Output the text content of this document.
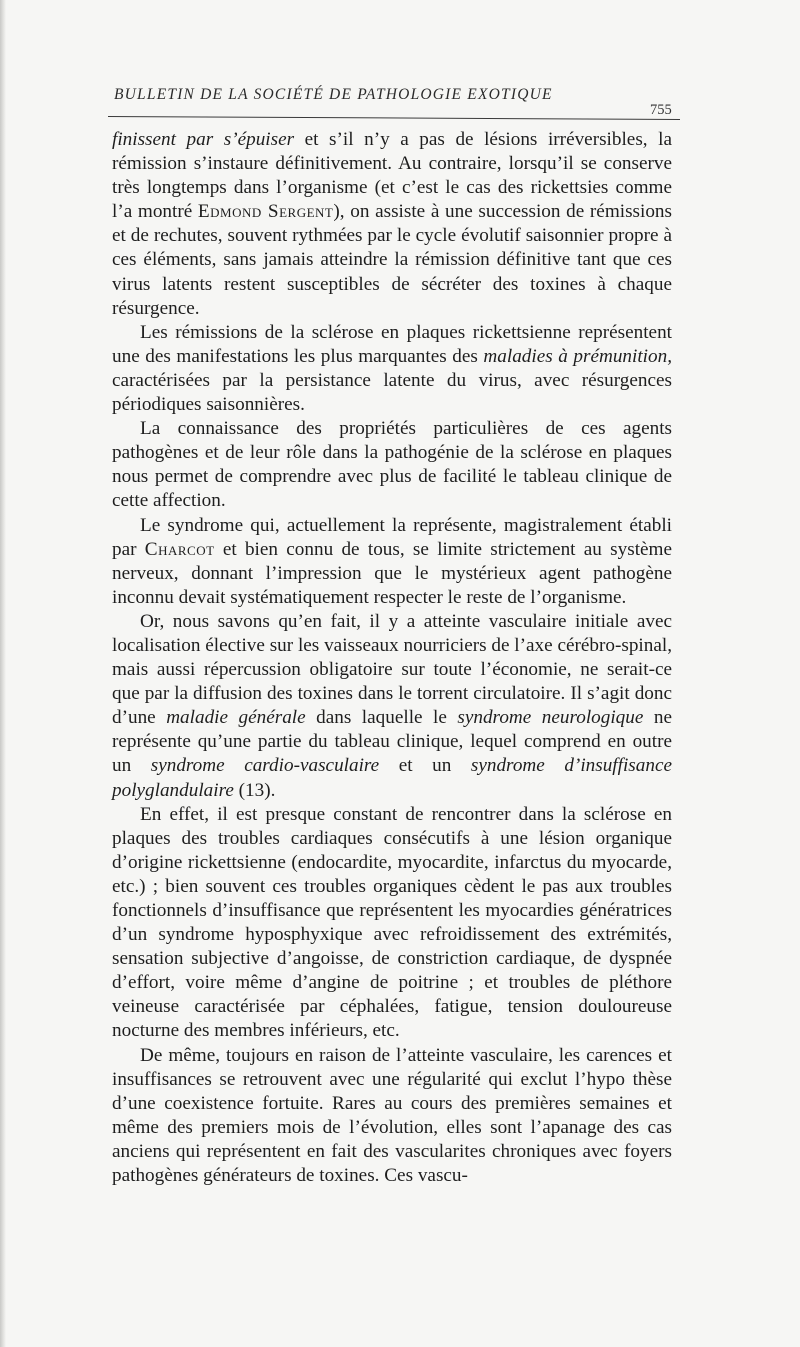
BULLETIN DE LA SOCIÉTÉ DE PATHOLOGIE EXOTIQUE
755

finissent par s’épuiser et s’il n’y a pas de lésions irréversibles, la rémission s’instaure définitivement. Au contraire, lorsqu’il se conserve très longtemps dans l’organisme (et c’est le cas des rickettsies comme l’a montré Edmond Sergent), on assiste à une succession de rémissions et de rechutes, souvent rythmées par le cycle évolutif saisonnier propre à ces éléments, sans jamais atteindre la rémission définitive tant que ces virus latents restent susceptibles de sécréter des toxines à chaque résurgence.

Les rémissions de la sclérose en plaques rickettsienne représentent une des manifestations les plus marquantes des maladies à prémunition, caractérisées par la persistance latente du virus, avec résurgences périodiques saisonnières.

La connaissance des propriétés particulières de ces agents pathogènes et de leur rôle dans la pathogénie de la sclérose en plaques nous permet de comprendre avec plus de facilité le tableau clinique de cette affection.

Le syndrome qui, actuellement la représente, magistralement établi par Charcot et bien connu de tous, se limite strictement au système nerveux, donnant l’impression que le mystérieux agent pathogène inconnu devait systématiquement respecter le reste de l’organisme.

Or, nous savons qu’en fait, il y a atteinte vasculaire initiale avec localisation élective sur les vaisseaux nourriciers de l’axe cérébro-spinal, mais aussi répercussion obligatoire sur toute l’économie, ne serait-ce que par la diffusion des toxines dans le torrent circulatoire. Il s’agit donc d’une maladie générale dans laquelle le syndrome neurologique ne représente qu’une partie du tableau clinique, lequel comprend en outre un syndrome cardio-vasculaire et un syndrome d’insuffisance polyglandulaire (13).

En effet, il est presque constant de rencontrer dans la sclérose en plaques des troubles cardiaques consécutifs à une lésion organique d’origine rickettsienne (endocardite, myocardite, infarctus du myocarde, etc.) ; bien souvent ces troubles organiques cèdent le pas aux troubles fonctionnels d’insuffisance que représentent les myocardies génératrices d’un syndrome hyposphyxique avec refroidissement des extrémités, sensation subjective d’angoisse, de constriction cardiaque, de dyspnée d’effort, voire même d’angine de poitrine ; et troubles de pléthore veineuse caractérisée par céphalées, fatigue, tension douloureuse nocturne des membres inférieurs, etc.

De même, toujours en raison de l’atteinte vasculaire, les carences et insuffisances se retrouvent avec une régularité qui exclut l’hypo thèse d’une coexistence fortuite. Rares au cours des premières semaines et même des premiers mois de l’évolution, elles sont l’apanage des cas anciens qui représentent en fait des vascularites chroniques avec foyers pathogènes générateurs de toxines. Ces vascu-
